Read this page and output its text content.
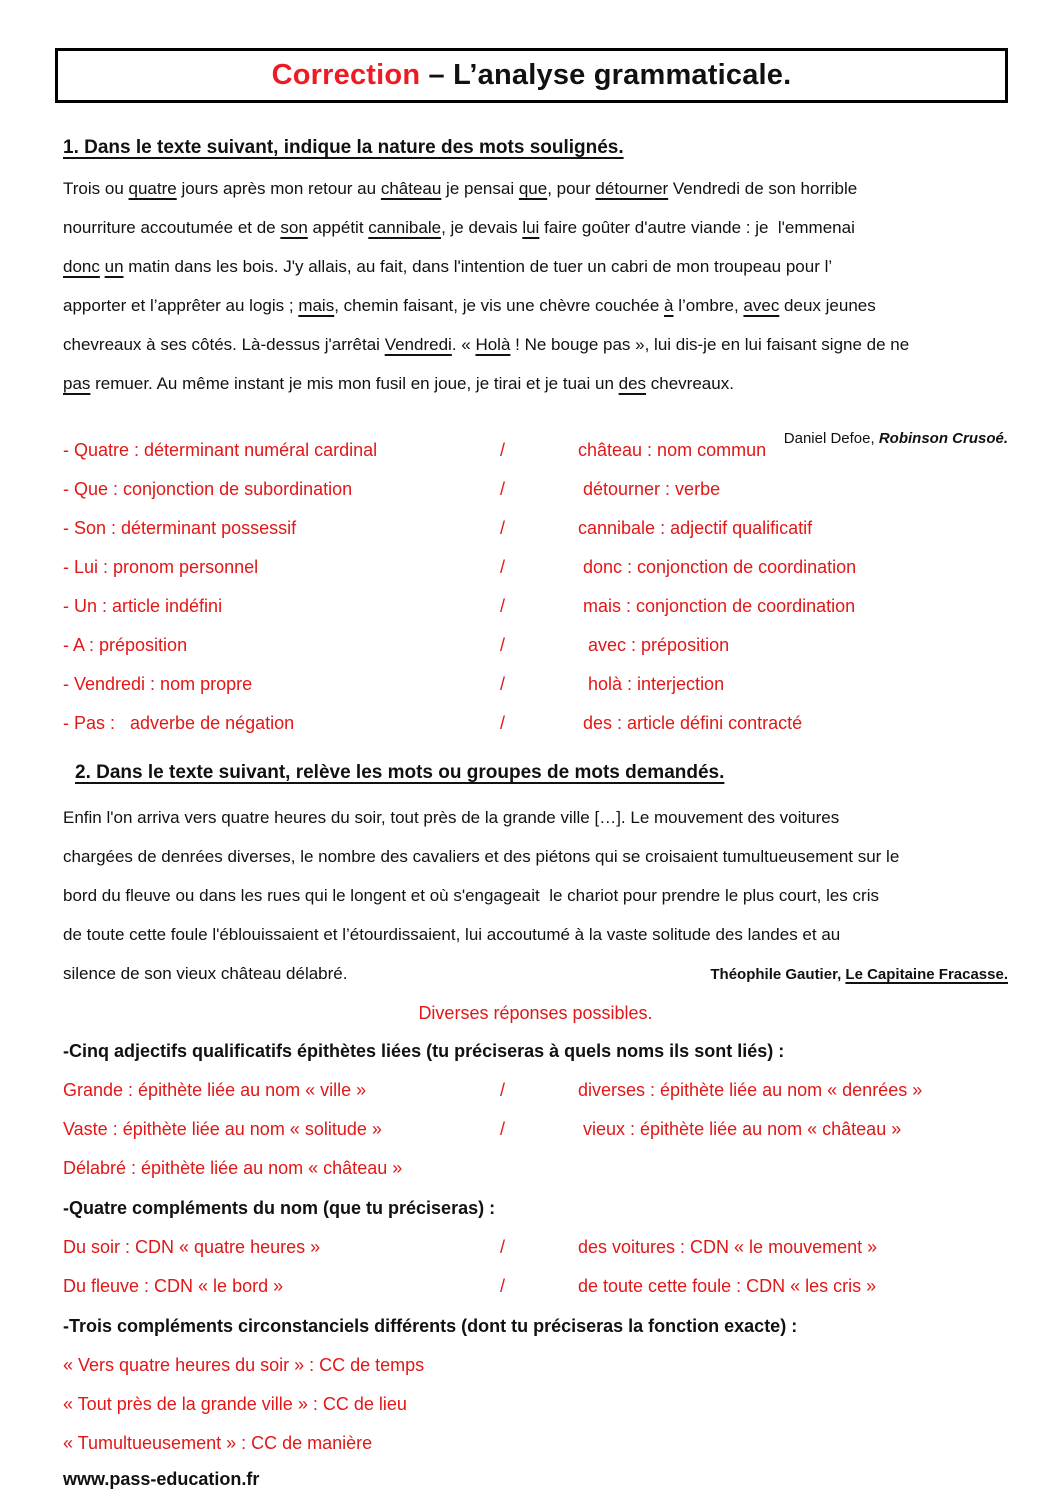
Correction – L’analyse grammaticale.
1. Dans le texte suivant, indique la nature des mots soulignés.
Trois ou quatre jours après mon retour au château je pensai que, pour détourner Vendredi de son horrible
nourriture accoutumée et de son appétit cannibale, je devais lui faire goûter d'autre viande : je  l'emmenai
donc un matin dans les bois. J'y allais, au fait, dans l'intention de tuer un cabri de mon troupeau pour l’
apporter et l’apprêter au logis ; mais, chemin faisant, je vis une chèvre couchée à l’ombre, avec deux jeunes
chevreaux à ses côtés. Là-dessus j'arrêtai Vendredi. « Holà ! Ne bouge pas », lui dis-je en lui faisant signe de ne
pas remuer. Au même instant je mis mon fusil en joue, je tirai et je tuai un des chevreaux.

Daniel Defoe, Robinson Crusoé.

- Quatre : déterminant numéral cardinal	/	château : nom commun
- Que : conjonction de subordination	/	détourner : verbe
- Son : déterminant possessif	/	cannibale : adjectif qualificatif
- Lui : pronom personnel	/	donc : conjonction de coordination
- Un : article indéfini	/	mais : conjonction de coordination
- A : préposition	/	avec : préposition
- Vendredi : nom propre	/	holà : interjection
- Pas :   adverbe de négation	/	des : article défini contracté
2. Dans le texte suivant, relève les mots ou groupes de mots demandés.
Enfin l'on arriva vers quatre heures du soir, tout près de la grande ville […]. Le mouvement des voitures
chargées de denrées diverses, le nombre des cavaliers et des piétons qui se croisaient tumultueusement sur le
bord du fleuve ou dans les rues qui le longent et où s'engageait  le chariot pour prendre le plus court, les cris
de toute cette foule l'éblouissaient et l’étourdissaient, lui accoutumé à la vaste solitude des landes et au
silence de son vieux château délabré.	Théophile Gautier, Le Capitaine Fracasse.
Diverses réponses possibles.
-Cinq adjectifs qualificatifs épithètes liées (tu préciseras à quels noms ils sont liés) :
Grande : épithète liée au nom « ville »	/	diverses : épithète liée au nom « denrées »
Vaste : épithète liée au nom « solitude »	/	vieux : épithète liée au nom « château »
Délabré : épithète liée au nom « château »
-Quatre compléments du nom (que tu préciseras) :
Du soir : CDN « quatre heures »	/	des voitures : CDN « le mouvement »
Du fleuve : CDN « le bord »	/	de toute cette foule : CDN « les cris »
-Trois compléments circonstanciels différents (dont tu préciseras la fonction exacte) :
« Vers quatre heures du soir » : CC de temps
« Tout près de la grande ville » : CC de lieu
« Tumultueusement » : CC de manière
www.pass-education.fr
